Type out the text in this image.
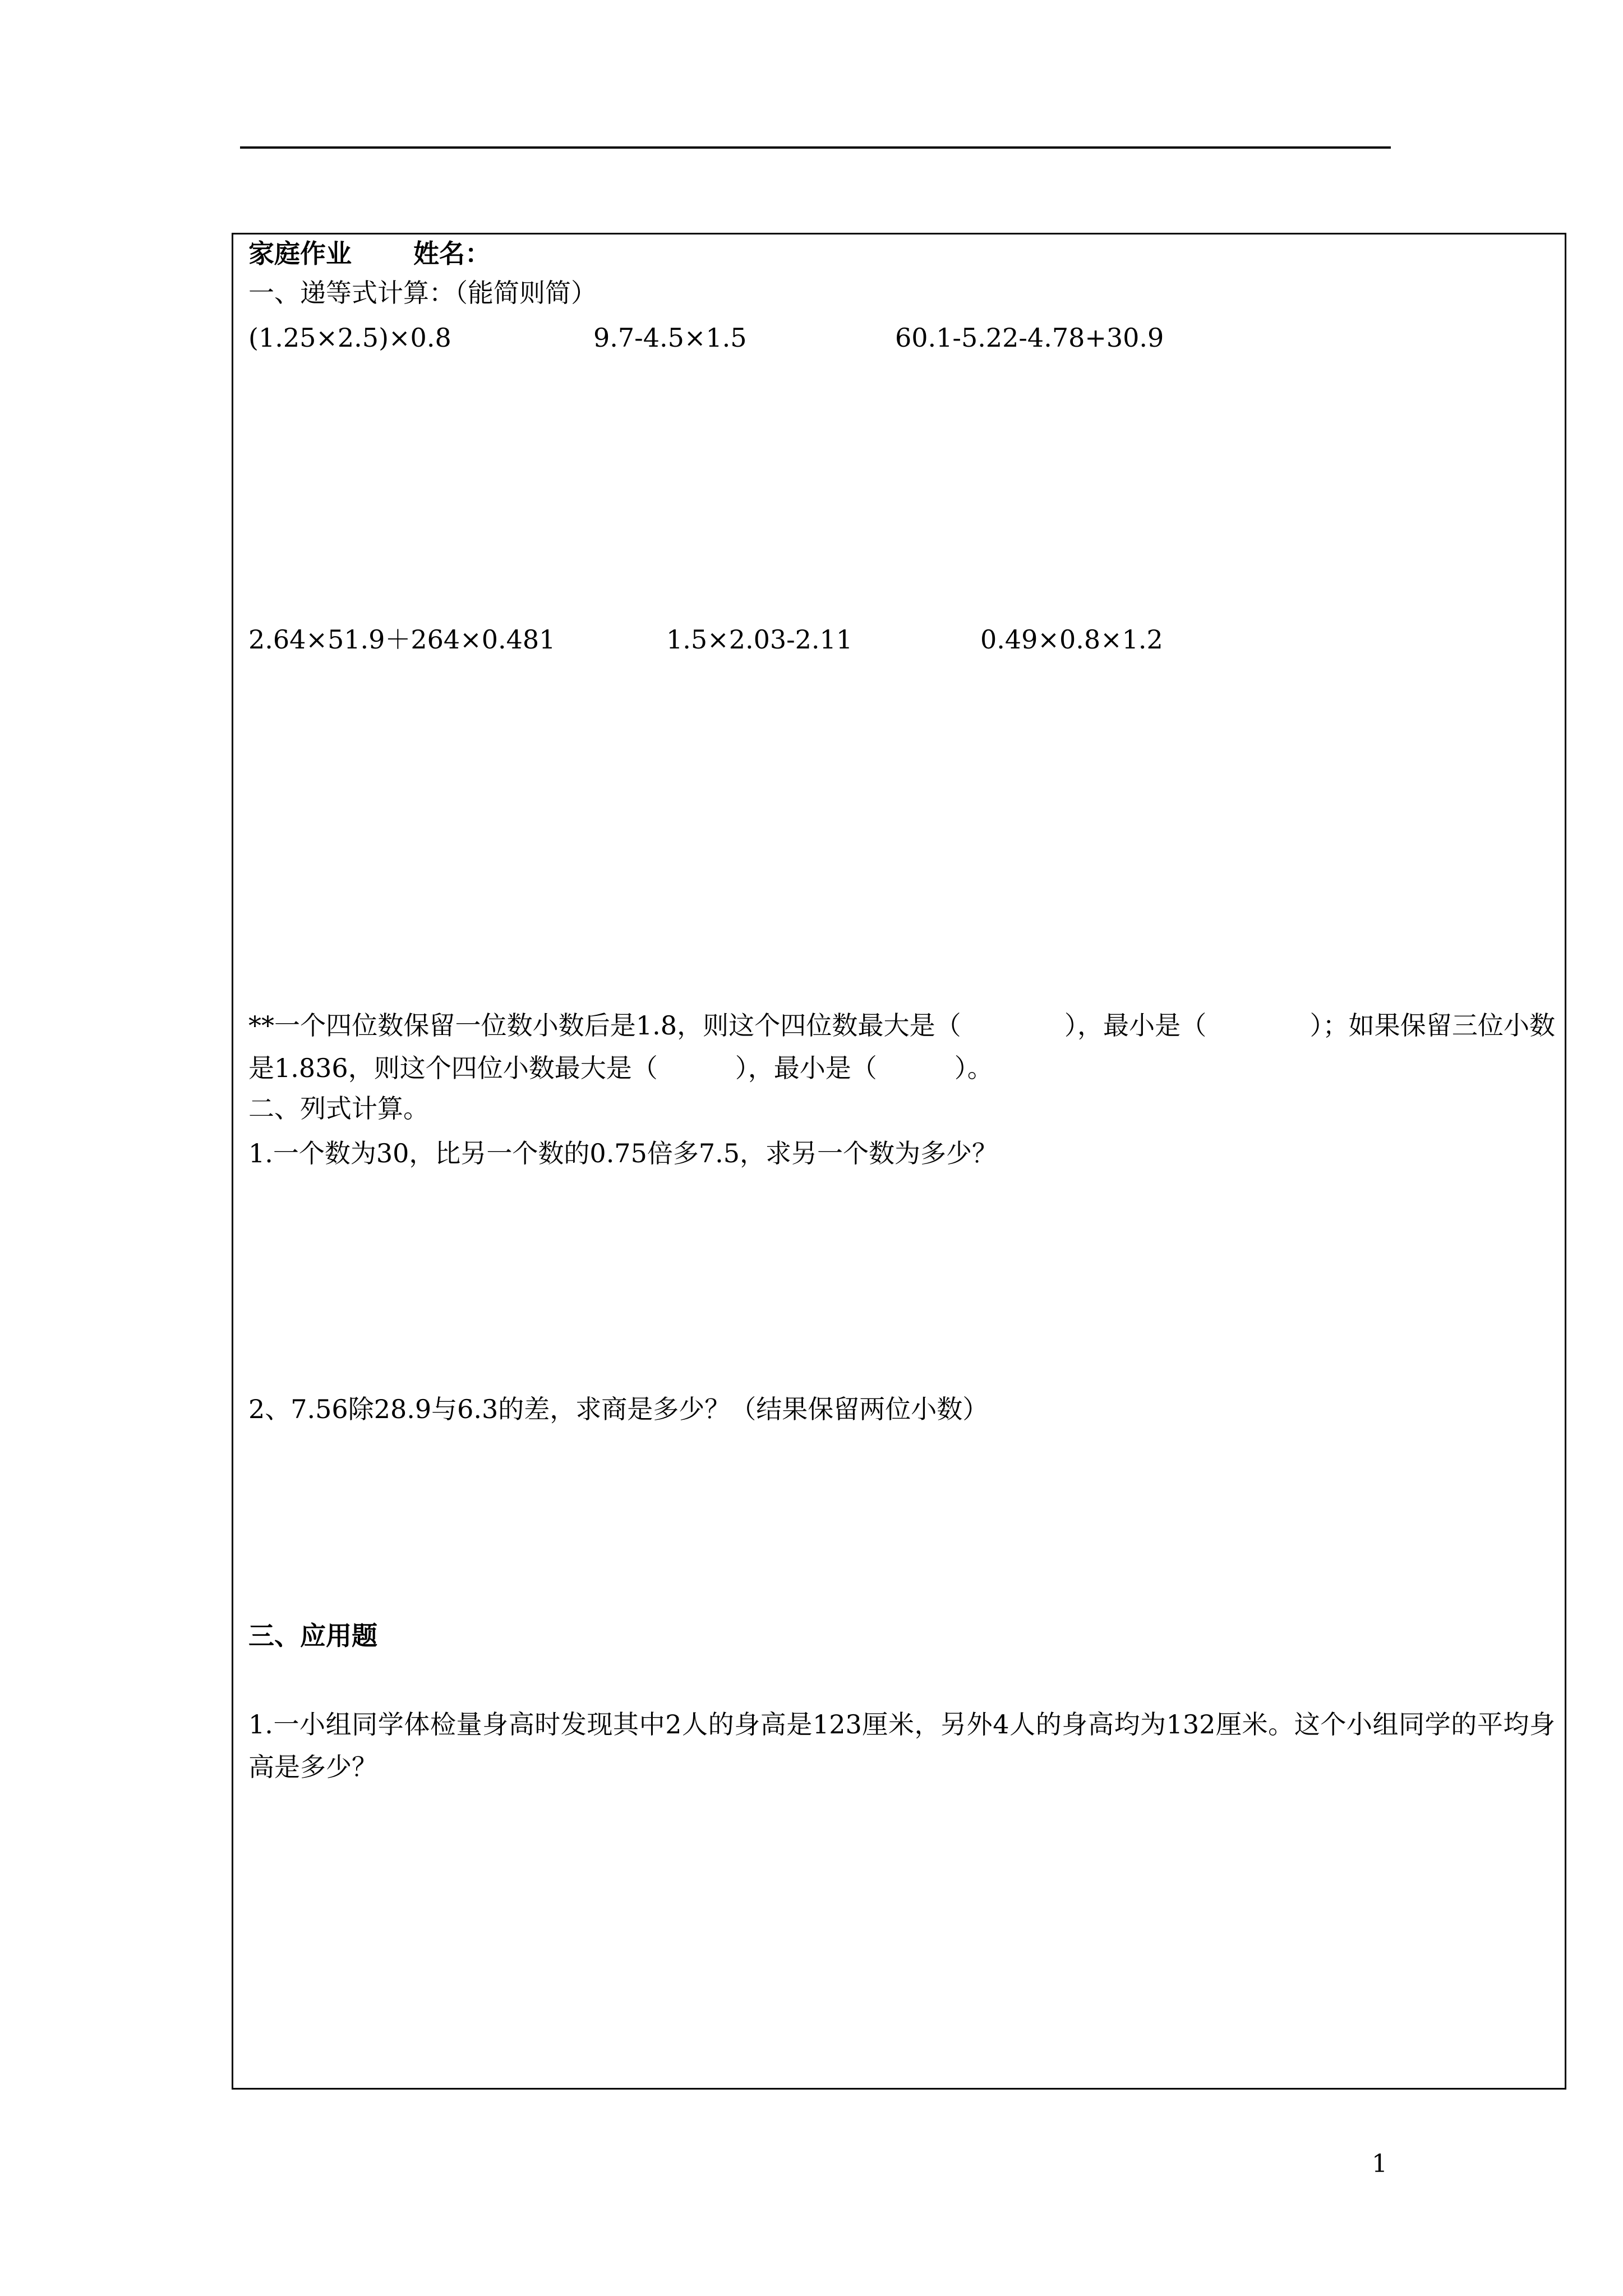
家庭作业 姓名：
一、递等式计算：（能简则简）
(1.25×2.5)×0.8	9.7-4.5×1.5	60.1-5.22-4.78+30.9
2.64×51.9＋264×0.481	1.5×2.03-2.11	0.49×0.8×1.2
**一个四位数保留一位数小数后是1.8，则这个四位数最大是（　　　　），最小是（　　　　）；如果保留三位小数是1.836，则这个四位小数最大是（　　　），最小是（　　　）。
二、列式计算。
1.一个数为30，比另一个数的0.75倍多7.5，求另一个数为多少？
2、7.56除28.9与6.3的差，求商是多少？（结果保留两位小数）
三、应用题
1.一小组同学体检量身高时发现其中2人的身高是123厘米，另外4人的身高均为132厘米。这个小组同学的平均身高是多少？
1
